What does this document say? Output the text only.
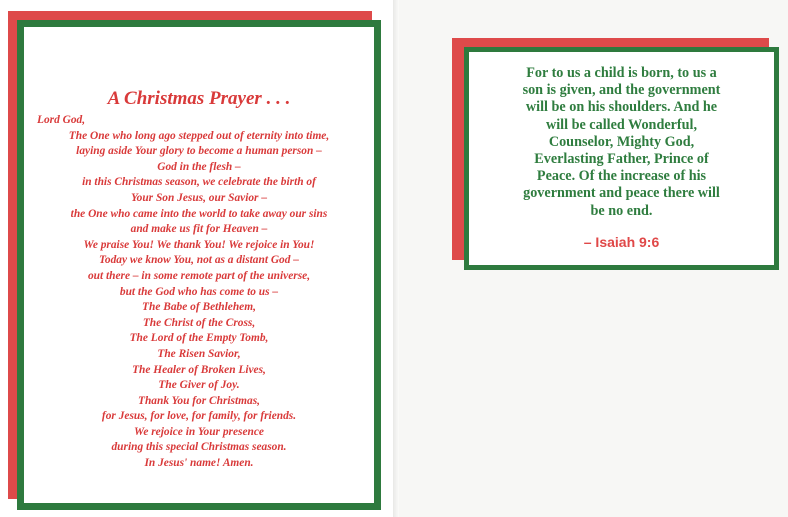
A Christmas Prayer . . .
Lord God,
The One who long ago stepped out of eternity into time,
laying aside Your glory to become a human person –
God in the flesh –
in this Christmas season, we celebrate the birth of
Your Son Jesus, our Savior –
the One who came into the world to take away our sins
and make us fit for Heaven –
We praise You! We thank You! We rejoice in You!
Today we know You, not as a distant God –
out there – in some remote part of the universe,
but the God who has come to us –
The Babe of Bethlehem,
The Christ of the Cross,
The Lord of the Empty Tomb,
The Risen Savior,
The Healer of Broken Lives,
The Giver of Joy.
Thank You for Christmas,
for Jesus, for love, for family, for friends.
We rejoice in Your presence
during this special Christmas season.
In Jesus' name! Amen.
For to us a child is born, to us a
son is given, and the government
will be on his shoulders. And he
will be called Wonderful,
Counselor, Mighty God,
Everlasting Father, Prince of
Peace. Of the increase of his
government and peace there will
be no end.
– Isaiah 9:6
